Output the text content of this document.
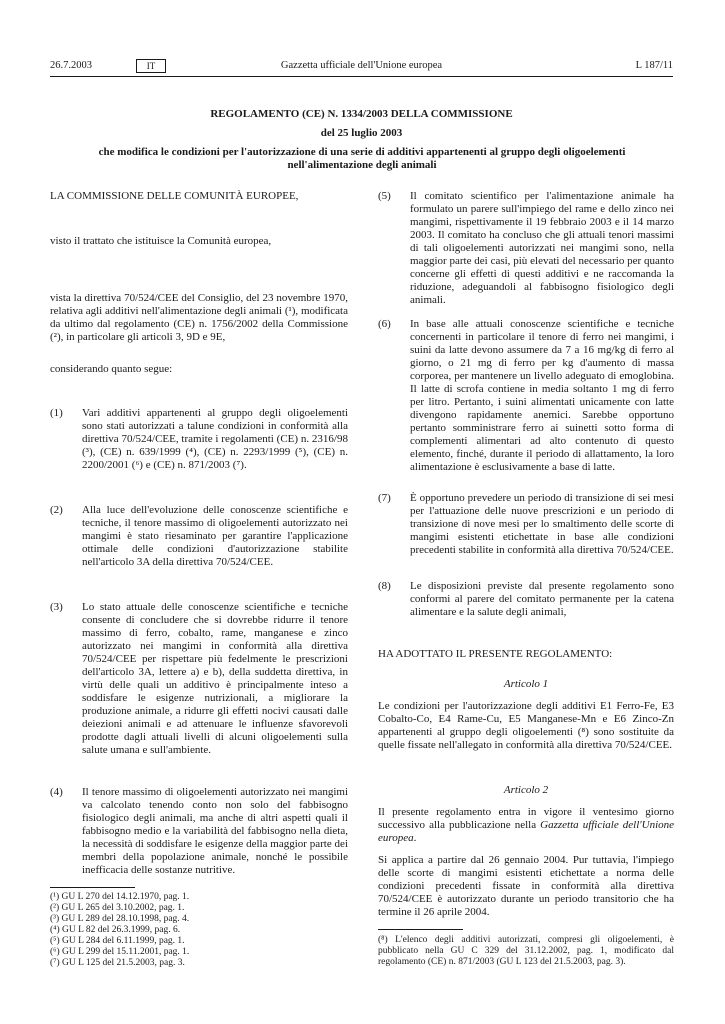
26.7.2003	IT	Gazzetta ufficiale dell'Unione europea	L 187/11
REGOLAMENTO (CE) N. 1334/2003 DELLA COMMISSIONE
del 25 luglio 2003
che modifica le condizioni per l'autorizzazione di una serie di additivi appartenenti al gruppo degli oligoelementi nell'alimentazione degli animali
LA COMMISSIONE DELLE COMUNITÀ EUROPEE,
visto il trattato che istituisce la Comunità europea,
vista la direttiva 70/524/CEE del Consiglio, del 23 novembre 1970, relativa agli additivi nell'alimentazione degli animali (¹), modificata da ultimo dal regolamento (CE) n. 1756/2002 della Commissione (²), in particolare gli articoli 3, 9D e 9E,
considerando quanto segue:
(1)	Vari additivi appartenenti al gruppo degli oligoelementi sono stati autorizzati a talune condizioni in conformità alla direttiva 70/524/CEE, tramite i regolamenti (CE) n. 2316/98 (³), (CE) n. 639/1999 (⁴), (CE) n. 2293/1999 (⁵), (CE) n. 2200/2001 (⁶) e (CE) n. 871/2003 (⁷).
(2)	Alla luce dell'evoluzione delle conoscenze scientifiche e tecniche, il tenore massimo di oligoelementi autorizzato nei mangimi è stato riesaminato per garantire l'applicazione ottimale delle condizioni d'autorizzazione stabilite nell'articolo 3A della direttiva 70/524/CEE.
(3)	Lo stato attuale delle conoscenze scientifiche e tecniche consente di concludere che si dovrebbe ridurre il tenore massimo di ferro, cobalto, rame, manganese e zinco autorizzato nei mangimi in conformità alla direttiva 70/524/CEE per rispettare più fedelmente le prescrizioni dell'articolo 3A, lettere a) e b), della suddetta direttiva, in virtù delle quali un additivo è principalmente inteso a soddisfare le esigenze nutrizionali, a migliorare la produzione animale, a ridurre gli effetti nocivi causati dalle deiezioni animali e ad attenuare le influenze sfavorevoli prodotte dagli attuali livelli di alcuni oligoelementi sulla salute umana e sull'ambiente.
(4)	Il tenore massimo di oligoelementi autorizzato nei mangimi va calcolato tenendo conto non solo del fabbisogno fisiologico degli animali, ma anche di altri aspetti quali il fabbisogno medio e la variabilità del fabbisogno nella dieta, la necessità di soddisfare le esigenze della maggior parte dei membri della popolazione animale, nonché le possibile inefficacia delle sostanze nutritive.
(¹) GU L 270 del 14.12.1970, pag. 1.
(²) GU L 265 del 3.10.2002, pag. 1.
(³) GU L 289 del 28.10.1998, pag. 4.
(⁴) GU L 82 del 26.3.1999, pag. 6.
(⁵) GU L 284 del 6.11.1999, pag. 1.
(⁶) GU L 299 del 15.11.2001, pag. 1.
(⁷) GU L 125 del 21.5.2003, pag. 3.
(5)	Il comitato scientifico per l'alimentazione animale ha formulato un parere sull'impiego del rame e dello zinco nei mangimi, rispettivamente il 19 febbraio 2003 e il 14 marzo 2003. Il comitato ha concluso che gli attuali tenori massimi di tali oligoelementi autorizzati nei mangimi sono, nella maggior parte dei casi, più elevati del necessario per quanto concerne gli effetti di questi additivi e ne raccomanda la riduzione, adeguandoli al fabbisogno fisiologico degli animali.
(6)	In base alle attuali conoscenze scientifiche e tecniche concernenti in particolare il tenore di ferro nei mangimi, i suini da latte devono assumere da 7 a 16 mg/kg di ferro al giorno, o 21 mg di ferro per kg d'aumento di massa corporea, per mantenere un livello adeguato di emoglobina. Il latte di scrofa contiene in media soltanto 1 mg di ferro per litro. Pertanto, i suini alimentati unicamente con latte divengono rapidamente anemici. Sarebbe opportuno pertanto somministrare ferro ai suinetti sotto forma di complementi alimentari ad alto contenuto di questo elemento, finché, durante il periodo di allattamento, la loro alimentazione è esclusivamente a base di latte.
(7)	È opportuno prevedere un periodo di transizione di sei mesi per l'attuazione delle nuove prescrizioni e un periodo di transizione di nove mesi per lo smaltimento delle scorte di mangimi esistenti etichettate in base alle condizioni precedenti stabilite in conformità alla direttiva 70/524/CEE.
(8)	Le disposizioni previste dal presente regolamento sono conformi al parere del comitato permanente per la catena alimentare e la salute degli animali,
HA ADOTTATO IL PRESENTE REGOLAMENTO:
Articolo 1
Le condizioni per l'autorizzazione degli additivi E1 Ferro-Fe, E3 Cobalto-Co, E4 Rame-Cu, E5 Manganese-Mn e E6 Zinco-Zn appartenenti al gruppo degli oligoelementi (⁸) sono sostituite da quelle fissate nell'allegato in conformità alla direttiva 70/524/CEE.
Articolo 2
Il presente regolamento entra in vigore il ventesimo giorno successivo alla pubblicazione nella Gazzetta ufficiale dell'Unione europea.
Si applica a partire dal 26 gennaio 2004. Pur tuttavia, l'impiego delle scorte di mangimi esistenti etichettate a norma delle condizioni precedenti fissate in conformità alla direttiva 70/524/CEE è autorizzato durante un periodo transitorio che ha termine il 26 aprile 2004.
(⁸) L'elenco degli additivi autorizzati, compresi gli oligoelementi, è pubblicato nella GU C 329 del 31.12.2002, pag. 1, modificato dal regolamento (CE) n. 871/2003 (GU L 123 del 21.5.2003, pag. 3).
